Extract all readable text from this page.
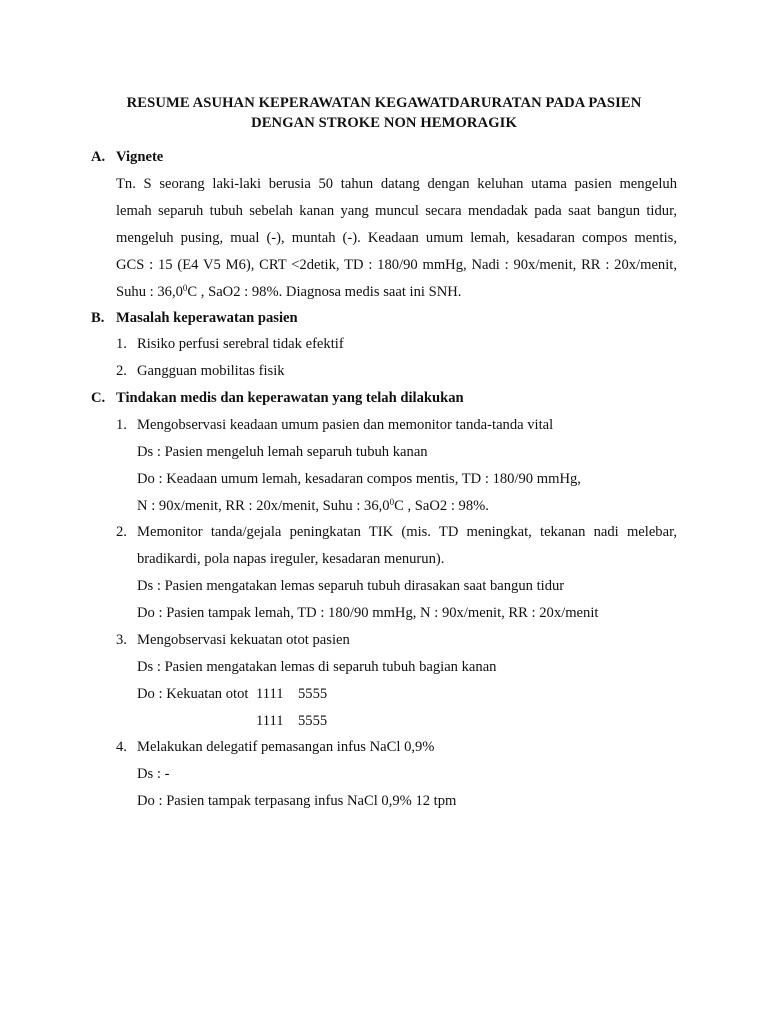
RESUME ASUHAN KEPERAWATAN KEGAWATDARURATAN PADA PASIEN
DENGAN STROKE NON HEMORAGIK
A. Vignete
Tn. S seorang laki-laki berusia 50 tahun datang dengan keluhan utama pasien mengeluh
lemah separuh tubuh sebelah kanan yang muncul secara mendadak pada saat bangun tidur,
mengeluh pusing, mual (-), muntah (-). Keadaan umum lemah, kesadaran compos mentis,
GCS : 15 (E4 V5 M6), CRT <2detik, TD : 180/90 mmHg, Nadi : 90x/menit, RR : 20x/menit,
Suhu : 36,0$^0$C , SaO2 : 98%. Diagnosa medis saat ini SNH.
B. Masalah keperawatan pasien
1. Risiko perfusi serebral tidak efektif
2. Gangguan mobilitas fisik
C. Tindakan medis dan keperawatan yang telah dilakukan
1. Mengobservasi keadaan umum pasien dan memonitor tanda-tanda vital
Ds : Pasien mengeluh lemah separuh tubuh kanan
Do : Keadaan umum lemah, kesadaran compos mentis, TD : 180/90 mmHg,
N : 90x/menit, RR : 20x/menit, Suhu : 36,0$^0$C , SaO2 : 98%.
2. Memonitor tanda/gejala peningkatan TIK (mis. TD meningkat, tekanan nadi melebar,
bradikardi, pola napas ireguler, kesadaran menurun).
Ds : Pasien mengatakan lemas separuh tubuh dirasakan saat bangun tidur
Do : Pasien tampak lemah, TD : 180/90 mmHg, N : 90x/menit, RR : 20x/menit
3. Mengobservasi kekuatan otot pasien
Ds : Pasien mengatakan lemas di separuh tubuh bagian kanan
Do : Kekuatan otot 1111 5555
1111 5555
4. Melakukan delegatif pemasangan infus NaCl 0,9%
Ds : -
Do : Pasien tampak terpasang infus NaCl 0,9% 12 tpm
